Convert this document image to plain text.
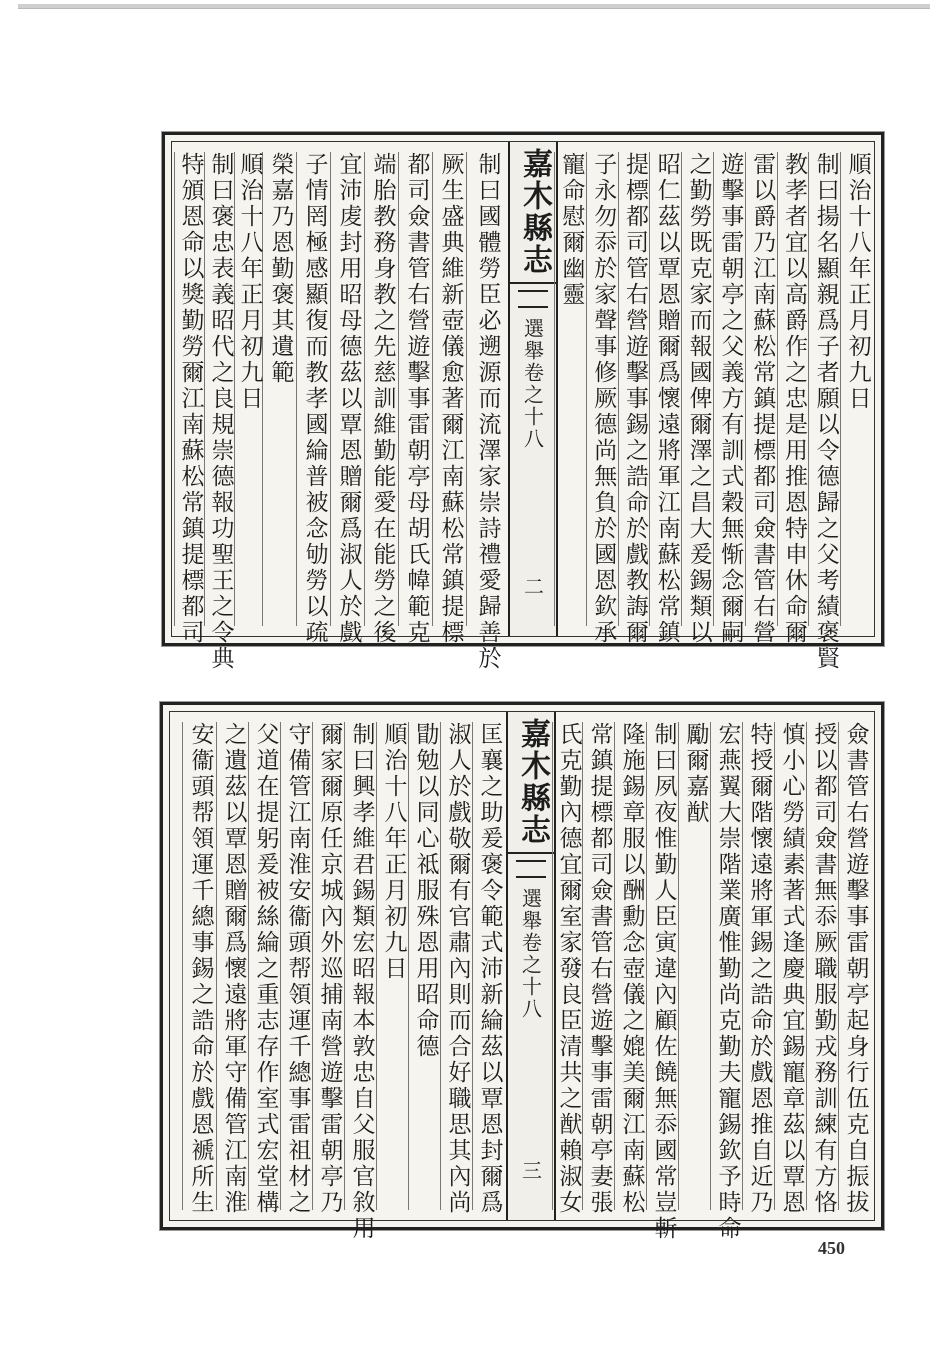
順治十八年正月初九日
制曰揚名顯親爲子者願以令德歸之父考績褒賢
教孝者宜以高爵作之忠是用推恩特申休命爾
雷以爵乃江南蘇松常鎮提標都司僉書管右營
遊擊事雷朝亭之父義方有訓式穀無惭念爾嗣
之勤勞既克家而報國俾爾澤之昌大爰錫類以
昭仁茲以覃恩贈爾爲懷遠將軍江南蘇松常鎮
提標都司管右營遊擊事錫之誥命於戲教誨爾
嘉木縣志
選舉卷之十八
二
制曰國體勞臣必遡源而流澤家崇詩禮愛歸善於
厥生盛典維新壺儀愈著爾江南蘇松常鎮提標
都司僉書管右營遊擊事雷朝亭母胡氏幃範克
端胎教務身教之先慈訓維勤能愛在能勞之後
宜沛䖍封用昭母德茲以覃恩贈爾爲淑人於戲
子情罔極感顯復而教孝國綸普被念劬勞以疏
榮嘉乃恩勤褒其遺範
順治十八年正月初九日
制曰褒忠表義昭代之良規崇德報功聖王之令典
特頒恩命以獎勤勞爾江南蘇松常鎮提標都司	子永勿忝於家聲事修厥德尚無負於國恩欽承
寵命慰爾幽靈
嘉木縣志
選舉卷之十八
三	僉書管右營遊擊事雷朝亭起身行伍克自振拔
授以都司僉書無忝厥職服勤戎務訓練有方恪
慎小心勞績素著式逢慶典宜錫寵章茲以覃恩
特授爾階懷遠將軍錫之誥命於戲恩推自近乃
宏燕翼大崇階業廣惟勤尚克勤夫寵錫欽予時命
勵爾嘉猷
制曰夙夜惟勤人臣寅違內顧佐饒無忝國常豈斬
隆施錫章服以酬勳念壺儀之媲美爾江南蘇松
常鎮提標都司僉書管右營遊擊事雷朝亭妻張
氏克勤內德宜爾室家發良臣清共之猷賴淑女
匡襄之助爰褒令範式沛新綸茲以覃恩封爾爲
淑人於戲敬爾有官肅內則而合好職思其內尚
勖勉以同心祗服殊恩用昭命德
順治十八年正月初九日
制曰興孝維君錫類宏昭報本敦忠自父服官敘用
爾家爾原任京城內外巡捕南營遊擊雷朝亭乃
守備管江南淮安衞頭帮領運千總事雷祖材之
父道在提躬爰被絲綸之重志存作室式宏堂構
之遺茲以覃恩贈爾爲懷遠將軍守備管江南淮
安衞頭帮領運千總事錫之誥命於戲恩褫所生
450
